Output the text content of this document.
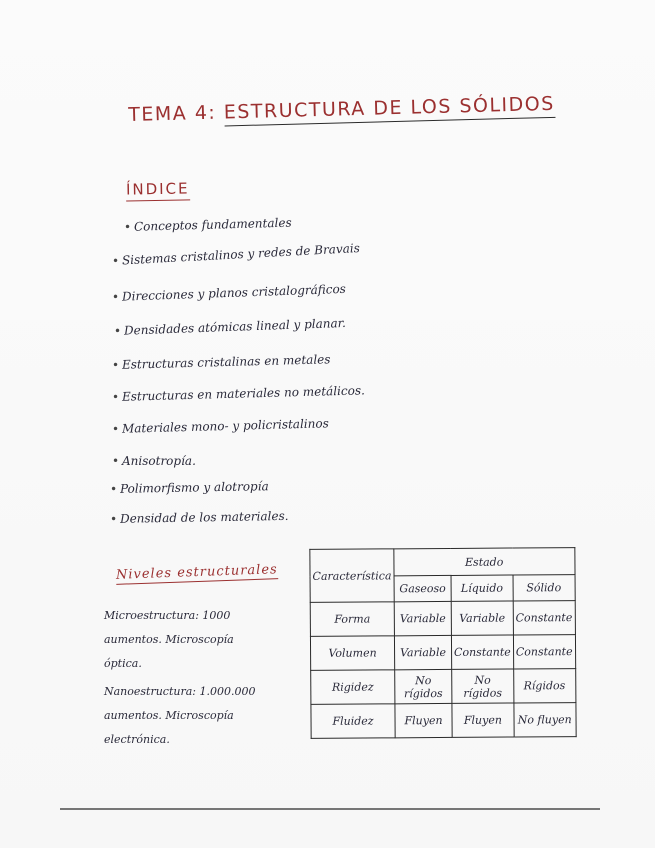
TEMA 4: ESTRUCTURA DE LOS SÓLIDOS
ÍNDICE
• Conceptos fundamentales
• Sistemas cristalinos y redes de Bravais
• Direcciones y planos cristalográficos
• Densidades atómicas lineal y planar.
• Estructuras cristalinas en metales
• Estructuras en materiales no metálicos.
• Materiales mono- y policristalinos
• Anisotropía.
• Polimorfismo y alotropía
• Densidad de los materiales.
Niveles estructurales
Microestructura: 1000 aumentos. Microscopía óptica.
Nanoestructura: 1.000.000 aumentos. Microscopía electrónica.
Característica	Estado		
	Gaseoso	Líquido	Sólido
Forma	Variable	Variable	Constante
Volumen	Variable	Constante	Constante
Rigidez	No rígidos	No rígidos	Rígidos
Fluidez	Fluyen	Fluyen	No fluyen
